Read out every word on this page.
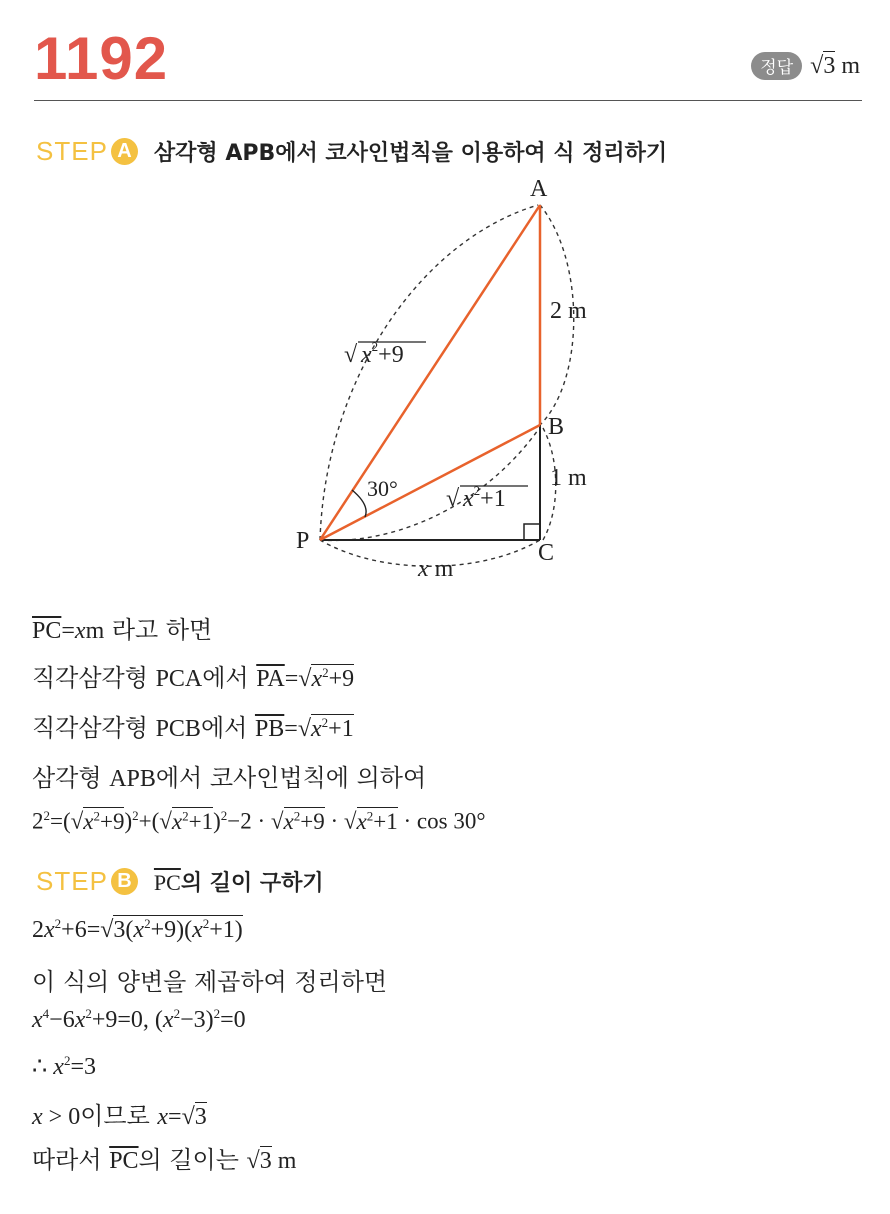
1192	정답 √3 m
STEP A 삼각형 APB에서 코사인법칙을 이용하여 식 정리하기
A
B
C
P
2 m
1 m
30°
x m
√ $x^2+9$
√ $x^2+1$
$\overline{PC}=xm$ 라고 하면
직각삼각형 PCA에서 $\overline{PA}=√x^2+9$
직각삼각형 PCB에서 $\overline{PB}=√x^2+1$
삼각형 APB에서 코사인법칙에 의하여
$2^2=(√x^2+9)^2+(√x^2+1)^2-2 \cdot √x^2+9 \cdot √x^2+1 \cdot \cos 30^\circ$
STEP B $\overline{PC}$의 길이 구하기
$2x^2+6=√3(x^2+9)(x^2+1)$
이 식의 양변을 제곱하여 정리하면
$x^4-6x^2+9=0$, $(x^2-3)^2=0$
∴ $x^2=3$
x > 0이므로 x=√3
따라서 $\overline{PC}$의 길이는 √3 m
